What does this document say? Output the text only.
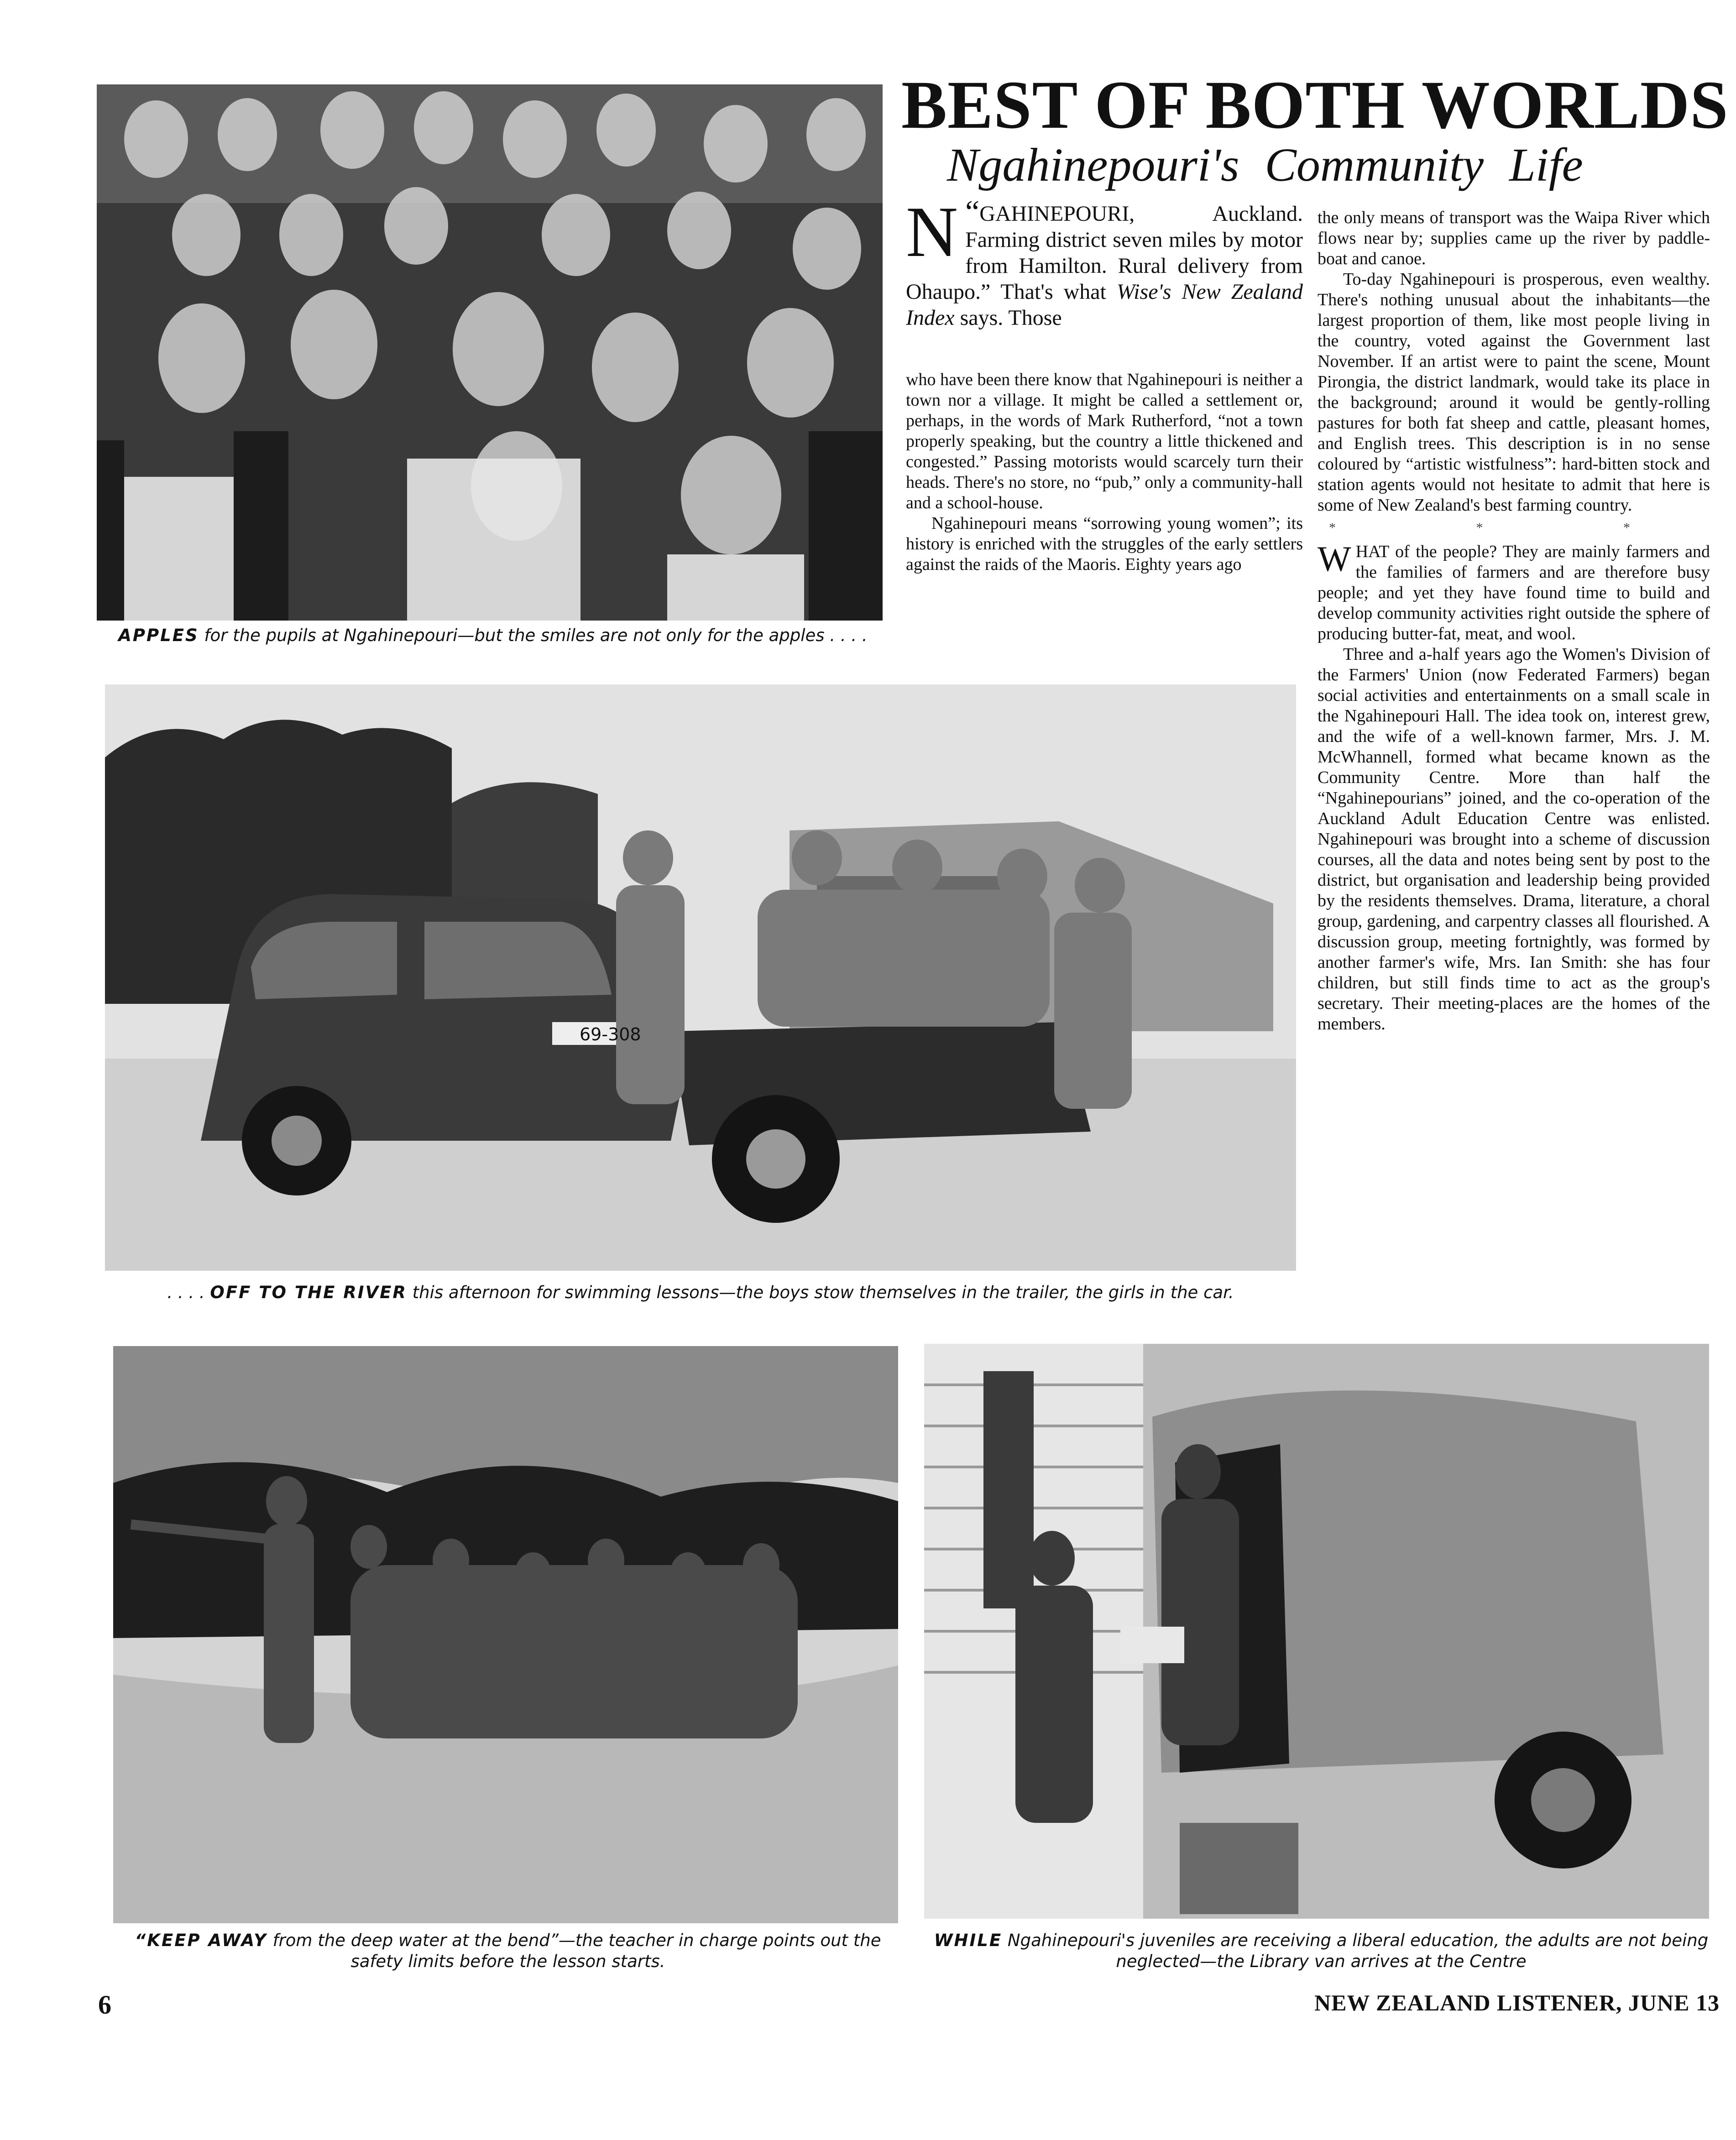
BEST OF BOTH WORLDS
Ngahinepouri's Community Life
“
N GAHINEPOURI, Auckland. Farming district seven miles by motor from Hamilton. Rural delivery from Ohaupo.” That's what Wise's New Zealand Index says. Those

who have been there know that Ngahinepouri is neither a town nor a village. It might be called a settlement or, perhaps, in the words of Mark Rutherford, “not a town properly speaking, but the country a little thickened and congested.” Passing motorists would scarcely turn their heads. There's no store, no “pub,” only a community-hall and a school-house.

Ngahinepouri means “sorrowing young women”; its history is enriched with the struggles of the early settlers against the raids of the Maoris. Eighty years ago

the only means of transport was the Waipa River which flows near by; supplies came up the river by paddle-boat and canoe.

To-day Ngahinepouri is prosperous, even wealthy. There's nothing unusual about the inhabitants—the largest proportion of them, like most people living in the country, voted against the Government last November. If an artist were to paint the scene, Mount Pirongia, the district landmark, would take its place in the background; around it would be gently-rolling pastures for both fat sheep and cattle, pleasant homes, and English trees. This description is in no sense coloured by “artistic wistfulness”: hard-bitten stock and station agents would not hesitate to admit that here is some of New Zealand's best farming country.

* * *

WHAT of the people? They are mainly farmers and the families of farmers and are therefore busy people; and yet they have found time to build and develop community activities right outside the sphere of producing butter-fat, meat, and wool.

Three and a-half years ago the Women's Division of the Farmers' Union (now Federated Farmers) began social activities and entertainments on a small scale in the Ngahinepouri Hall. The idea took on, interest grew, and the wife of a well-known farmer, Mrs. J. M. McWhannell, formed what became known as the Community Centre. More than half the “Ngahinepourians” joined, and the co-operation of the Auckland Adult Education Centre was enlisted. Ngahinepouri was brought into a scheme of discussion courses, all the data and notes being sent by post to the district, but organisation and leadership being provided by the residents themselves. Drama, literature, a choral group, gardening, and carpentry classes all flourished. A discussion group, meeting fortnightly, was formed by another farmer's wife, Mrs. Ian Smith: she has four children, but still finds time to act as the group's secretary. Their meeting-places are the homes of the members.

APPLES for the pupils at Ngahinepouri—but the smiles are not only for the apples . . . .
69-308
. . . . OFF TO THE RIVER this afternoon for swimming lessons—the boys stow themselves in the trailer, the girls in the car.
“KEEP AWAY from the deep water at the bend”—the teacher in charge points out the safety limits before the lesson starts.
WHILE Ngahinepouri's juveniles are receiving a liberal education, the adults are not being neglected—the Library van arrives at the Centre
6	NEW ZEALAND LISTENER, JUNE 13
